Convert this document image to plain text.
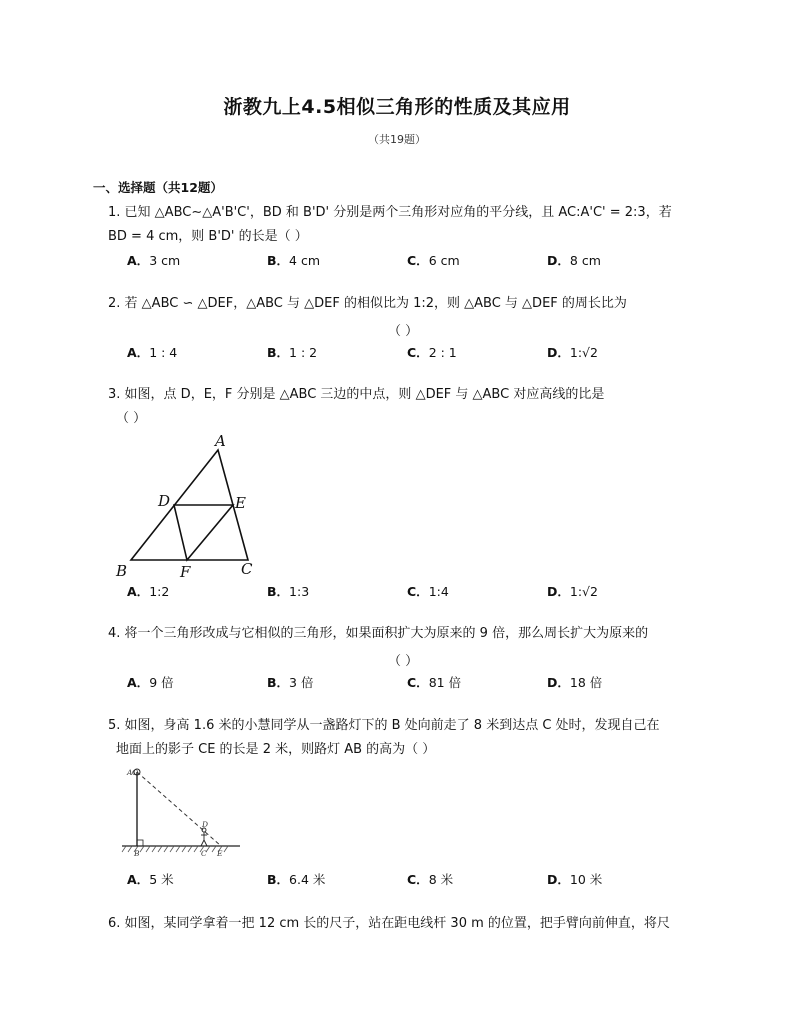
浙教九上4.5相似三角形的性质及其应用
（共19题）
一、选择题（共12题）
1. 已知 △ABC∼△A'B'C'，BD 和 B'D' 分别是两个三角形对应角的平分线，且 AC:A'C' = 2:3，若
BD = 4 cm，则 B'D' 的长是（ ）
A．3 cm	B．4 cm	C．6 cm	D．8 cm
2. 若 △ABC ∽ △DEF，△ABC 与 △DEF 的相似比为 1:2，则 △ABC 与 △DEF 的周长比为
（ ）
A．1 : 4	B．1 : 2	C．2 : 1	D．1:√2
3. 如图，点 D，E，F 分别是 △ABC 三边的中点，则 △DEF 与 △ABC 对应高线的比是
（ ）
A
B	C
D	E
F
A．1:2	B．1:3	C．1:4	D．1:√2
4. 将一个三角形改成与它相似的三角形，如果面积扩大为原来的 9 倍，那么周长扩大为原来的
（ ）
A．9 倍	B．3 倍	C．81 倍	D．18 倍
5. 如图，身高 1.6 米的小慧同学从一盏路灯下的 B 处向前走了 8 米到达点 C 处时，发现自己在
地面上的影子 CE 的长是 2 米，则路灯 AB 的高为（ ）
A O
B	C
D
E
A．5 米	B．6.4 米	C．8 米	D．10 米
6. 如图，某同学拿着一把 12 cm 长的尺子，站在距电线杆 30 m 的位置，把手臂向前伸直，将尺
